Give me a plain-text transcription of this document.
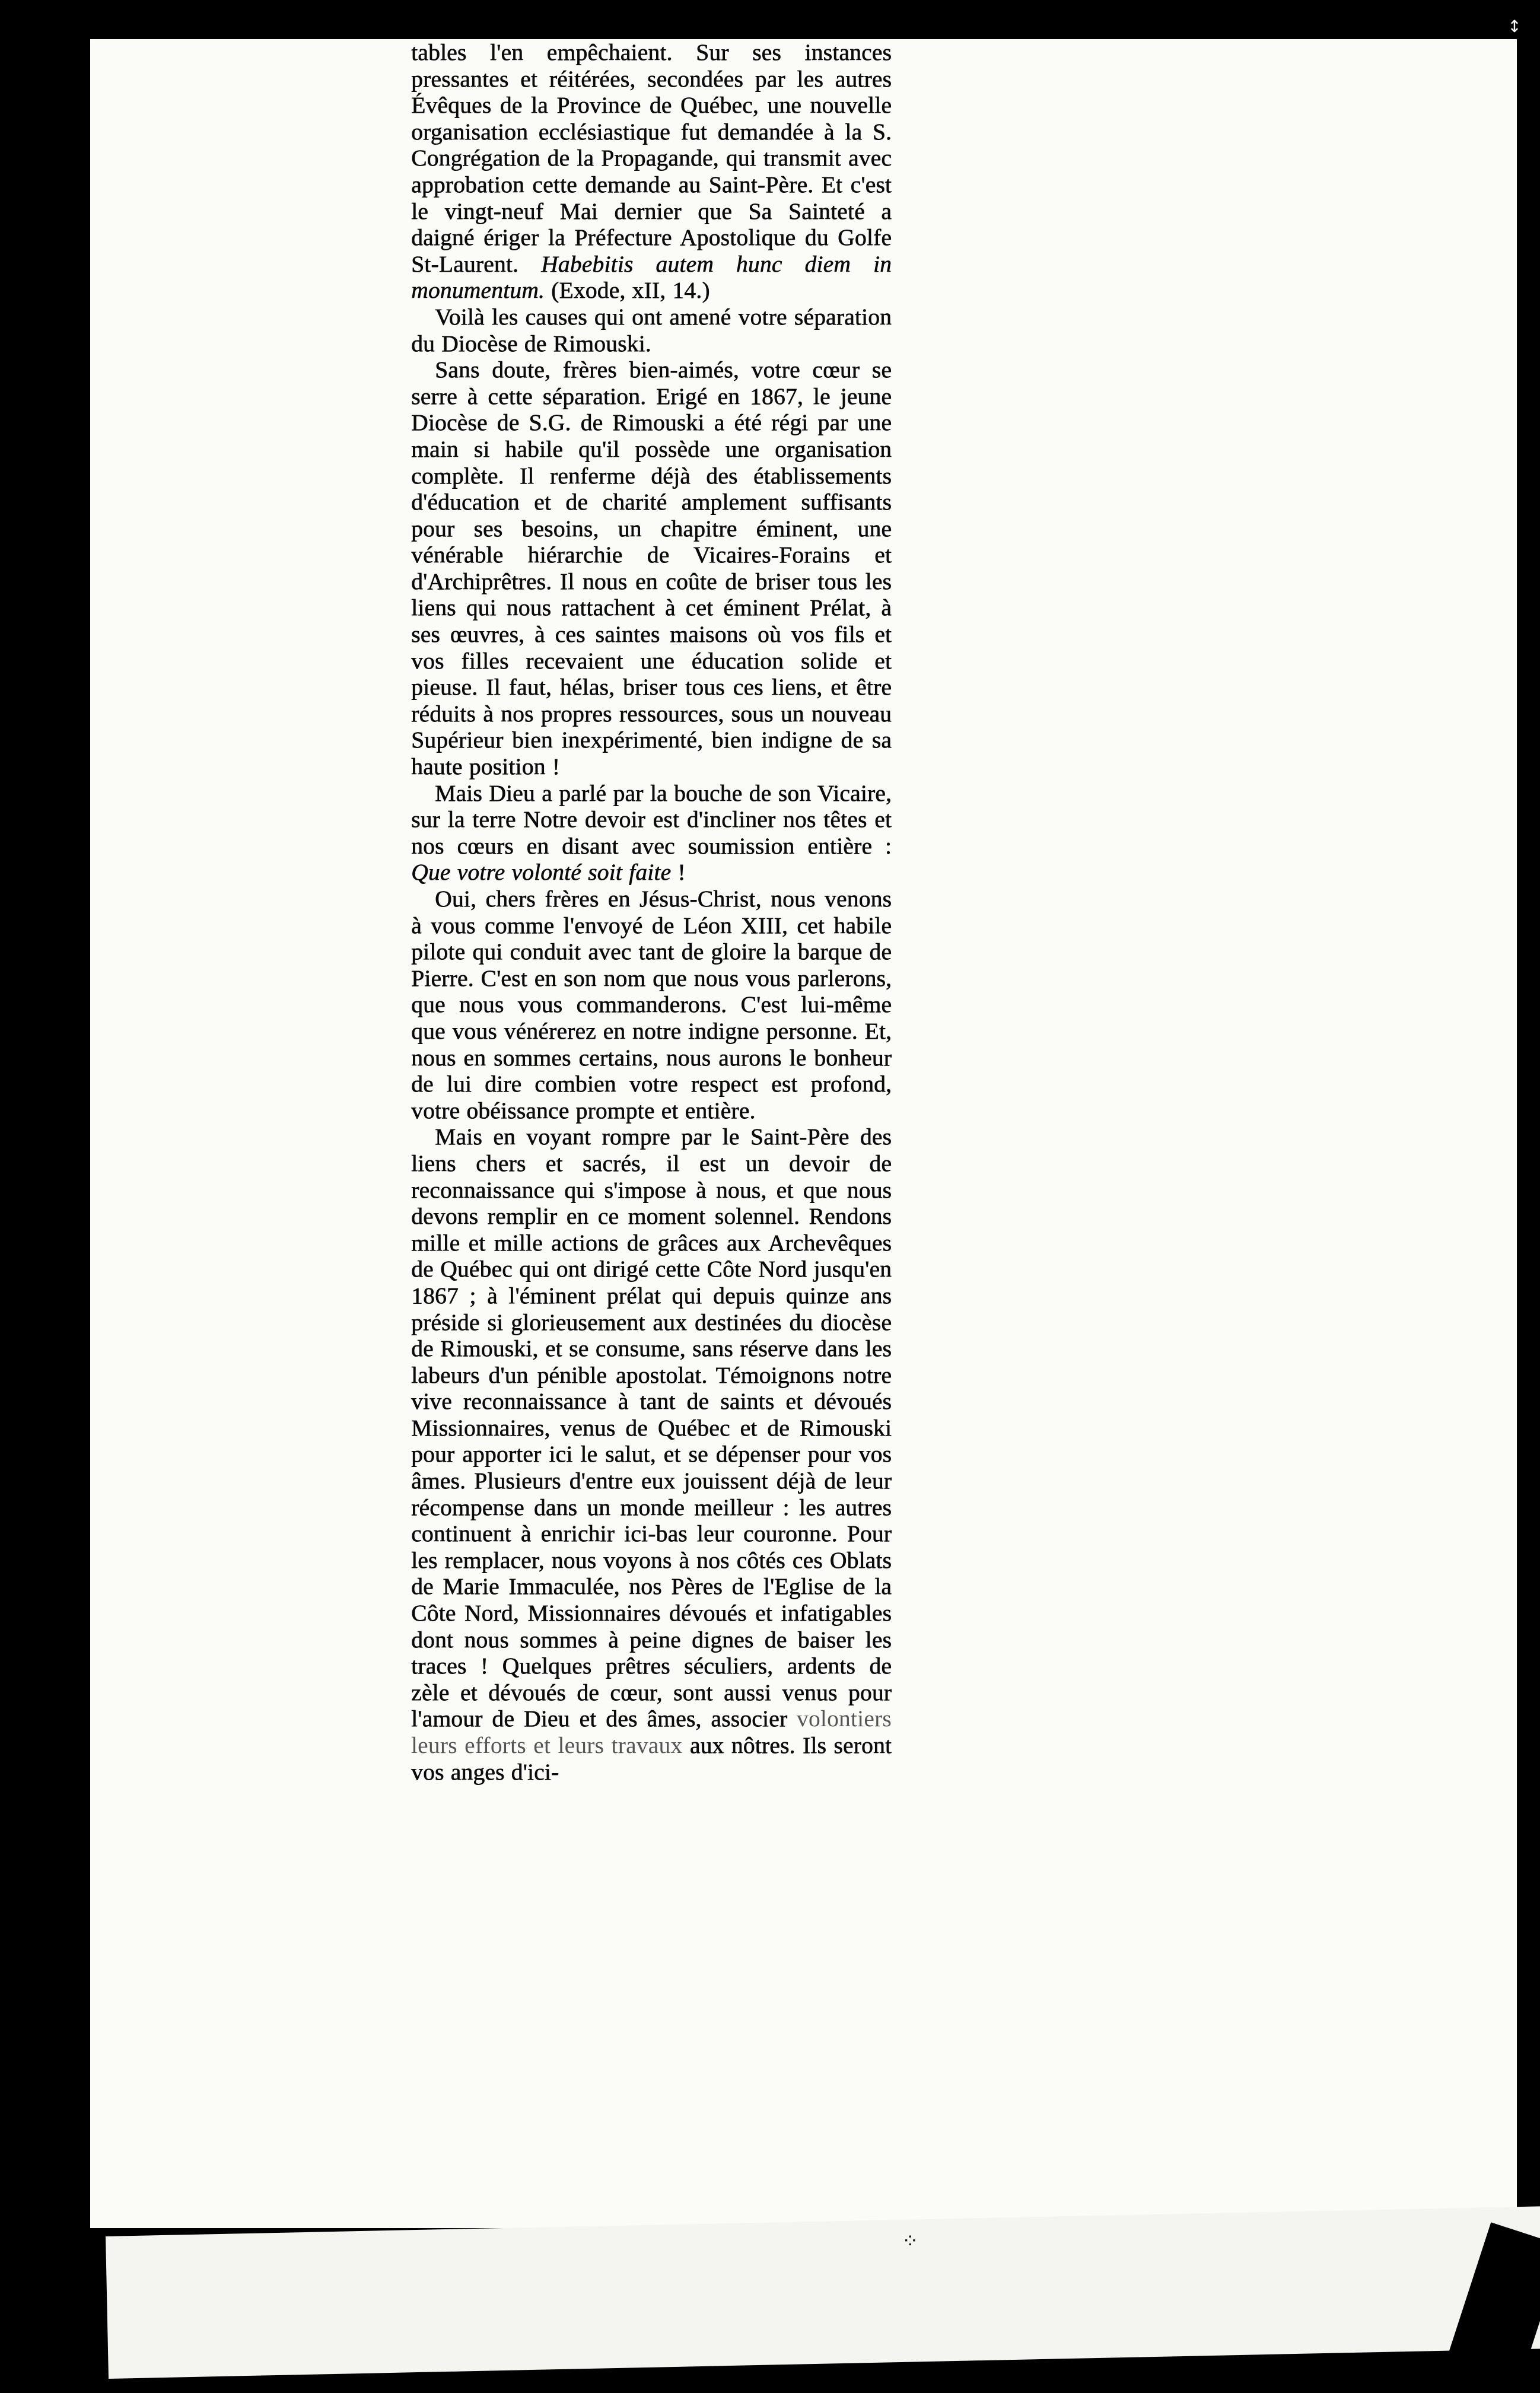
↕
⁘

tables l'en empêchaient. Sur ses instances pressantes et réitérées, secondées par les autres Évêques de la Province de Québec, une nouvelle organisation ecclésiastique fut demandée à la S. Congrégation de la Propagande, qui transmit avec approbation cette demande au Saint-Père. Et c'est le vingt-neuf Mai dernier que Sa Sainteté a daigné ériger la Préfecture Apostolique du Golfe St-Laurent. Habebitis autem hunc diem in monumentum. (Exode, xII, 14.)

Voilà les causes qui ont amené votre séparation du Diocèse de Rimouski.

Sans doute, frères bien-aimés, votre cœur se serre à cette séparation. Erigé en 1867, le jeune Diocèse de S.G. de Rimouski a été régi par une main si habile qu'il possède une organisation complète. Il renferme déjà des établissements d'éducation et de charité amplement suffisants pour ses besoins, un chapitre éminent, une vénérable hiérarchie de Vicaires-Forains et d'Archiprêtres. Il nous en coûte de briser tous les liens qui nous rattachent à cet éminent Prélat, à ses œuvres, à ces saintes maisons où vos fils et vos filles recevaient une éducation solide et pieuse. Il faut, hélas, briser tous ces liens, et être réduits à nos propres ressources, sous un nouveau Supérieur bien inexpérimenté, bien indigne de sa haute position !

Mais Dieu a parlé par la bouche de son Vicaire, sur la terre Notre devoir est d'incliner nos têtes et nos cœurs en disant avec soumission entière : Que votre volonté soit faite !

Oui, chers frères en Jésus-Christ, nous venons à vous comme l'envoyé de Léon XIII, cet habile pilote qui conduit avec tant de gloire la barque de Pierre. C'est en son nom que nous vous parlerons, que nous vous commanderons. C'est lui-même que vous vénérerez en notre indigne personne. Et, nous en sommes certains, nous aurons le bonheur de lui dire combien votre respect est profond, votre obéissance prompte et entière.

Mais en voyant rompre par le Saint-Père des liens chers et sacrés, il est un devoir de reconnaissance qui s'impose à nous, et que nous devons remplir en ce moment solennel. Rendons mille et mille actions de grâces aux Archevêques de Québec qui ont dirigé cette Côte Nord jusqu'en 1867 ; à l'éminent prélat qui depuis quinze ans préside si glorieusement aux destinées du diocèse de Rimouski, et se consume, sans réserve dans les labeurs d'un pénible apostolat. Témoignons notre vive reconnaissance à tant de saints et dévoués Missionnaires, venus de Québec et de Rimouski pour apporter ici le salut, et se dépenser pour vos âmes. Plusieurs d'entre eux jouissent déjà de leur récompense dans un monde meilleur : les autres continuent à enrichir ici-bas leur couronne. Pour les remplacer, nous voyons à nos côtés ces Oblats de Marie Immaculée, nos Pères de l'Eglise de la Côte Nord, Missionnaires dévoués et infatigables dont nous sommes à peine dignes de baiser les traces ! Quelques prêtres séculiers, ardents de zèle et dévoués de cœur, sont aussi venus pour l'amour de Dieu et des âmes, associer volontiers leurs efforts et leurs travaux aux nôtres. Ils seront vos anges d'ici-
